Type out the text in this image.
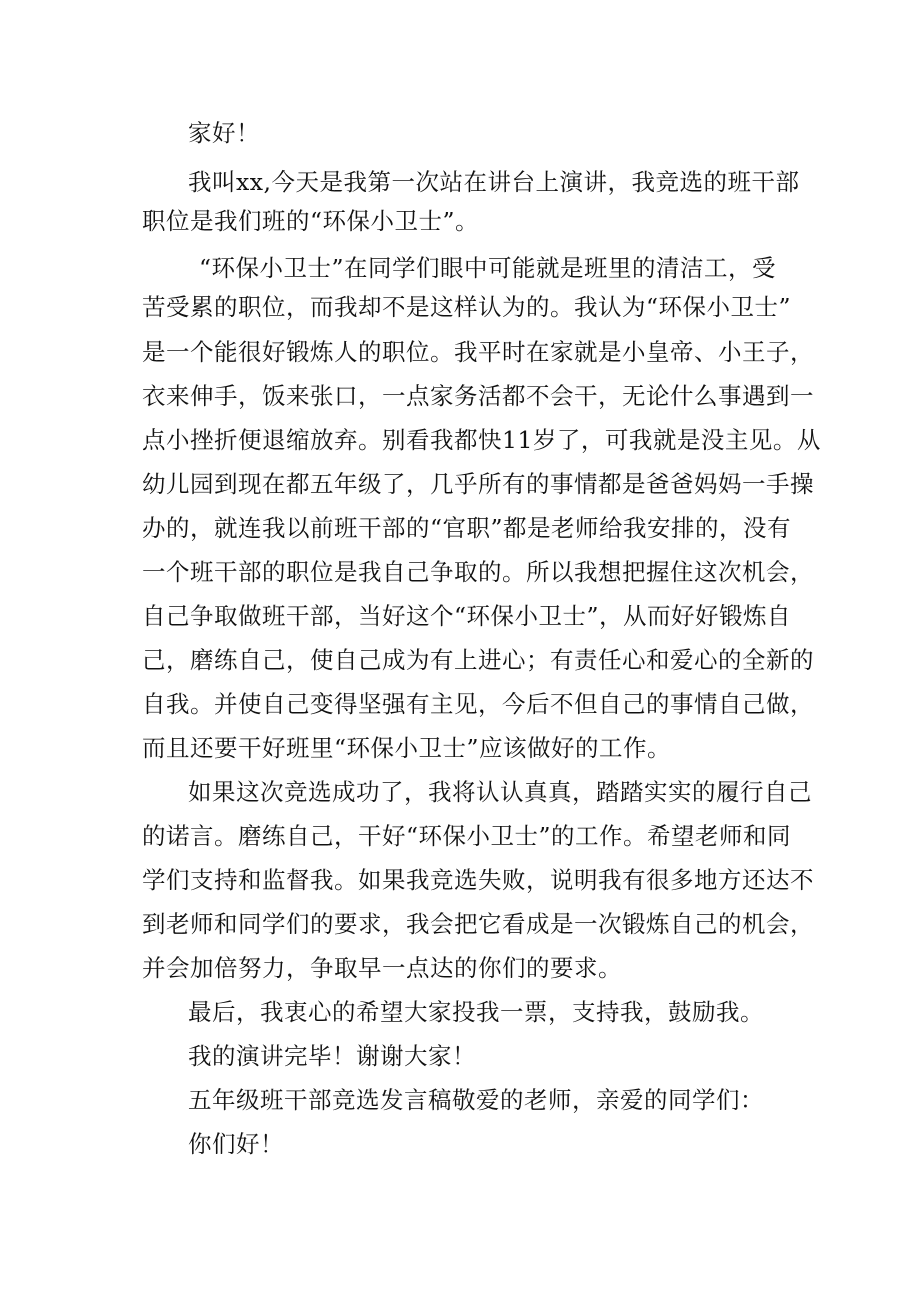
家好！
我叫xx,今天是我第一次站在讲台上演讲，我竞选的班干部
职位是我们班的“环保小卫士”。
“环保小卫士”在同学们眼中可能就是班里的清洁工，受
苦受累的职位，而我却不是这样认为的。我认为“环保小卫士”
是一个能很好锻炼人的职位。我平时在家就是小皇帝、小王子，
衣来伸手，饭来张口，一点家务活都不会干，无论什么事遇到一
点小挫折便退缩放弃。别看我都快11岁了，可我就是没主见。从
幼儿园到现在都五年级了，几乎所有的事情都是爸爸妈妈一手操
办的，就连我以前班干部的“官职”都是老师给我安排的，没有
一个班干部的职位是我自己争取的。所以我想把握住这次机会，
自己争取做班干部，当好这个“环保小卫士”，从而好好锻炼自
己，磨练自己，使自己成为有上进心；有责任心和爱心的全新的
自我。并使自己变得坚强有主见，今后不但自己的事情自己做，
而且还要干好班里“环保小卫士”应该做好的工作。
如果这次竞选成功了，我将认认真真，踏踏实实的履行自己
的诺言。磨练自己，干好“环保小卫士”的工作。希望老师和同
学们支持和监督我。如果我竞选失败，说明我有很多地方还达不
到老师和同学们的要求，我会把它看成是一次锻炼自己的机会，
并会加倍努力，争取早一点达的你们的要求。
最后，我衷心的希望大家投我一票，支持我，鼓励我。
我的演讲完毕！谢谢大家！
五年级班干部竞选发言稿敬爱的老师，亲爱的同学们：
你们好！
